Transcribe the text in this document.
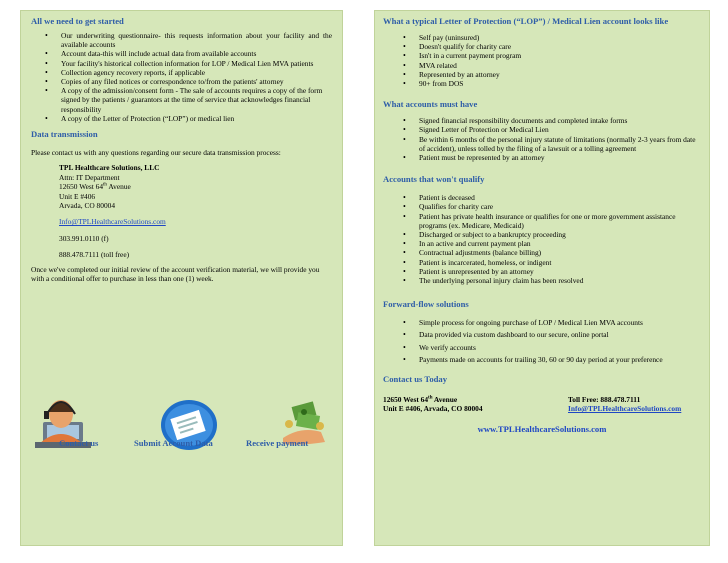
All we need to get started

• Our underwriting questionnaire- this requests information about your facility and the available accounts
• Account data-this will include actual data from available accounts
• Your facility's historical collection information for LOP / Medical Lien MVA patients
• Collection agency recovery reports, if applicable
• Copies of any filed notices or correspondence to/from the patients' attorney
• A copy of the admission/consent form - The sale of accounts requires a copy of the form signed by the patients / guarantors at the time of service that acknowledges financial responsibility
• A copy of the Letter of Protection (“LOP”) or medical lien

Data transmission

Please contact us with any questions regarding our secure data transmission process:

TPL Healthcare Solutions, LLC
Attn: IT Department
12650 West 64th Avenue
Unit E #406
Arvada, CO 80004
Info@TPLHealthcareSolutions.com
303.991.0110 (f)
888.478.7111 (toll free)

Once we've completed our initial review of the account verification material, we will provide you with a conditional offer to purchase in less than one (1) week.

Contact us	Submit Account Data	Receive payment

What a typical Letter of Protection (“LOP”) / Medical Lien account looks like

• Self pay (uninsured)
• Doesn't qualify for charity care
• Isn't in a current payment program
• MVA related
• Represented by an attorney
• 90+ from DOS

What accounts must have

• Signed financial responsibility documents and completed intake forms
• Signed Letter of Protection or Medical Lien
• Be within 6 months of the personal injury statute of limitations (normally 2-3 years from date of accident), unless tolled by the filing of a lawsuit or a tolling agreement
• Patient must be represented by an attorney

Accounts that won't qualify

• Patient is deceased
• Qualifies for charity care
• Patient has private health insurance or qualifies for one or more government assistance programs (ex. Medicare, Medicaid)
• Discharged or subject to a bankruptcy proceeding
• In an active and current payment plan
• Contractual adjustments (balance billing)
• Patient is incarcerated, homeless, or indigent
• Patient is unrepresented by an attorney
• The underlying personal injury claim has been resolved

Forward-flow solutions

• Simple process for ongoing purchase of LOP / Medical Lien MVA accounts
• Data provided via custom dashboard to our secure, online portal
• We verify accounts
• Payments made on accounts for trailing 30, 60 or 90 day period at your preference

Contact us Today

12650 West 64th Avenue
Unit E #406, Arvada, CO 80004
Toll Free: 888.478.7111
Info@TPLHealthcareSolutions.com
www.TPLHealthcareSolutions.com
